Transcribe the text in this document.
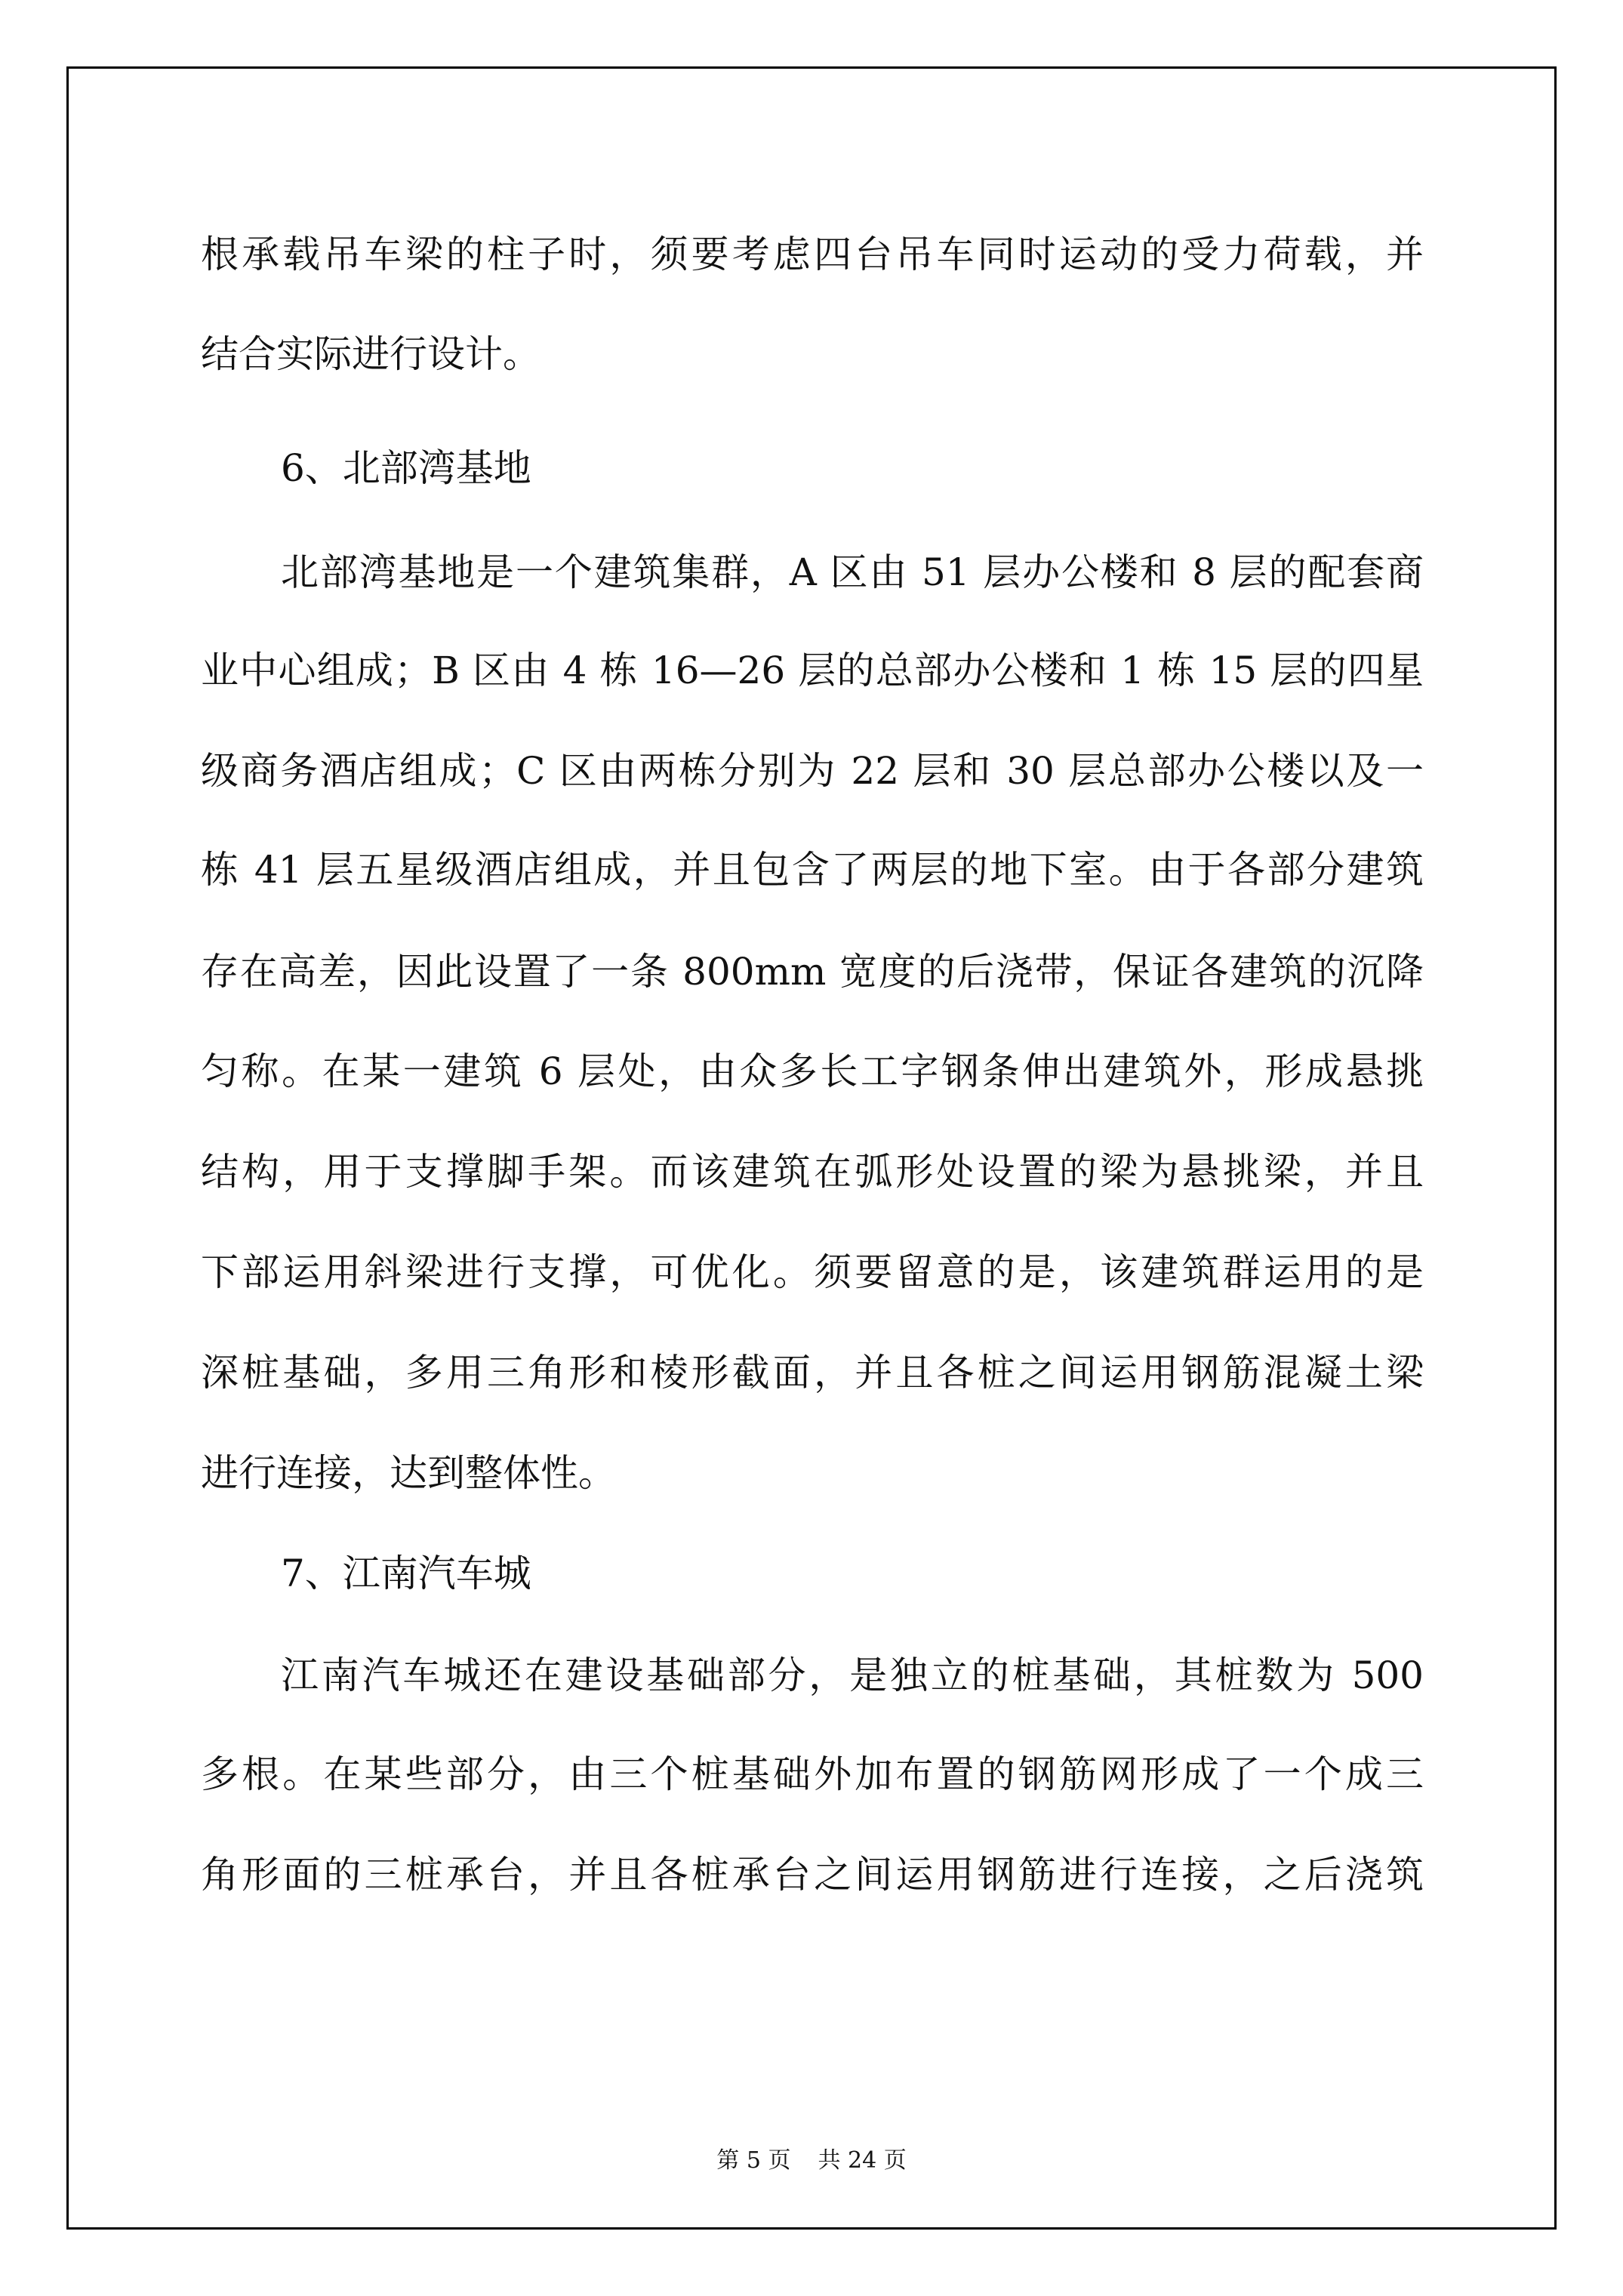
根承载吊车梁的柱子时，须要考虑四台吊车同时运动的受力荷载，并
结合实际进行设计。
6、北部湾基地
北部湾基地是一个建筑集群，A 区由 51 层办公楼和 8 层的配套商
业中心组成；B 区由 4 栋 16—26 层的总部办公楼和 1 栋 15 层的四星
级商务酒店组成；C 区由两栋分别为 22 层和 30 层总部办公楼以及一
栋 41 层五星级酒店组成，并且包含了两层的地下室。由于各部分建筑
存在高差，因此设置了一条 800mm 宽度的后浇带，保证各建筑的沉降
匀称。在某一建筑 6 层处，由众多长工字钢条伸出建筑外，形成悬挑
结构，用于支撑脚手架。而该建筑在弧形处设置的梁为悬挑梁，并且
下部运用斜梁进行支撑，可优化。须要留意的是，该建筑群运用的是
深桩基础，多用三角形和棱形截面，并且各桩之间运用钢筋混凝土梁
进行连接，达到整体性。
7、江南汽车城
江南汽车城还在建设基础部分，是独立的桩基础，其桩数为 500
多根。在某些部分，由三个桩基础外加布置的钢筋网形成了一个成三
角形面的三桩承台，并且各桩承台之间运用钢筋进行连接，之后浇筑
第 5 页 共 24 页
